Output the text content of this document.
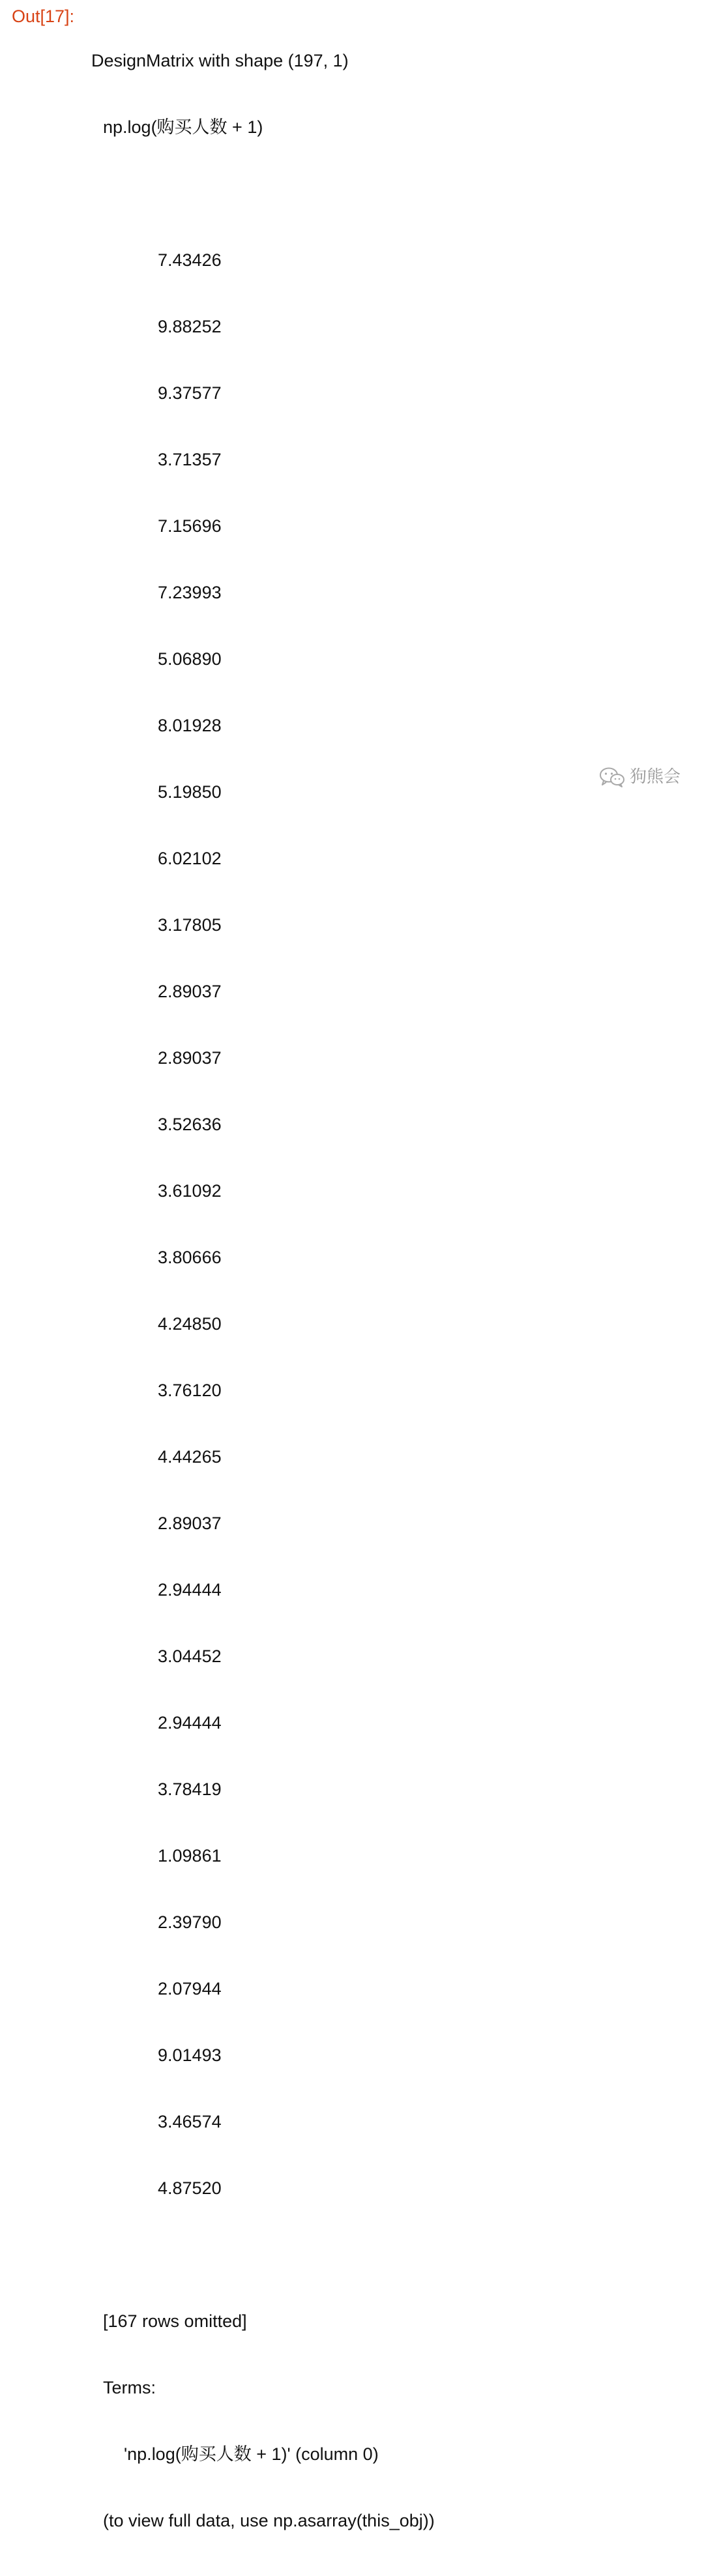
Out[17]:

DesignMatrix with shape (197, 1)

np.log(购买人数 + 1)

7.43426

9.88252

9.37577

3.71357

7.15696

7.23993

5.06890

8.01928

5.19850

6.02102

3.17805

2.89037

2.89037

3.52636

3.61092

3.80666

4.24850

3.76120

4.44265

2.89037

2.94444

3.04452

2.94444

3.78419

1.09861

2.39790

2.07944

9.01493

3.46574

4.87520

[167 rows omitted]

Terms:

'np.log(购买人数 + 1)' (column 0)

(to view full data, use np.asarray(this_obj))

狗熊会
